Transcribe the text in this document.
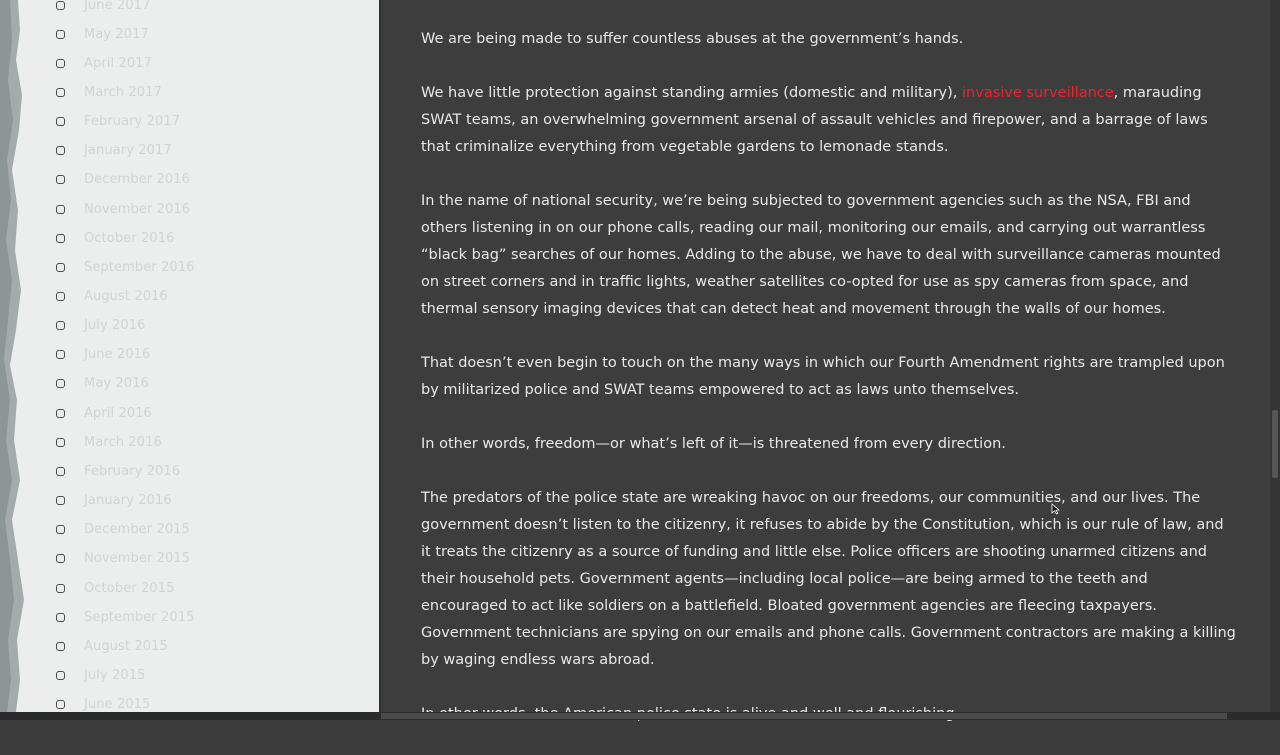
June 2017
May 2017
April 2017
March 2017
February 2017
January 2017
December 2016
November 2016
October 2016
September 2016
August 2016
July 2016
June 2016
May 2016
April 2016
March 2016
February 2016
January 2016
December 2015
November 2015
October 2015
September 2015
August 2015
July 2015
June 2015

We are being made to suffer countless abuses at the government’s hands.

We have little protection against standing armies (domestic and military), invasive surveillance, marauding SWAT teams, an overwhelming government arsenal of assault vehicles and firepower, and a barrage of laws that criminalize everything from vegetable gardens to lemonade stands.

In the name of national security, we’re being subjected to government agencies such as the NSA, FBI and others listening in on our phone calls, reading our mail, monitoring our emails, and carrying out warrantless “black bag” searches of our homes. Adding to the abuse, we have to deal with surveillance cameras mounted on street corners and in traffic lights, weather satellites co-opted for use as spy cameras from space, and thermal sensory imaging devices that can detect heat and movement through the walls of our homes.

That doesn’t even begin to touch on the many ways in which our Fourth Amendment rights are trampled upon by militarized police and SWAT teams empowered to act as laws unto themselves.

In other words, freedom—or what’s left of it—is threatened from every direction.

The predators of the police state are wreaking havoc on our freedoms, our communities, and our lives. The government doesn’t listen to the citizenry, it refuses to abide by the Constitution, which is our rule of law, and it treats the citizenry as a source of funding and little else. Police officers are shooting unarmed citizens and their household pets. Government agents—including local police—are being armed to the teeth and encouraged to act like soldiers on a battlefield. Bloated government agencies are fleecing taxpayers. Government technicians are spying on our emails and phone calls. Government contractors are making a killing by waging endless wars abroad.
